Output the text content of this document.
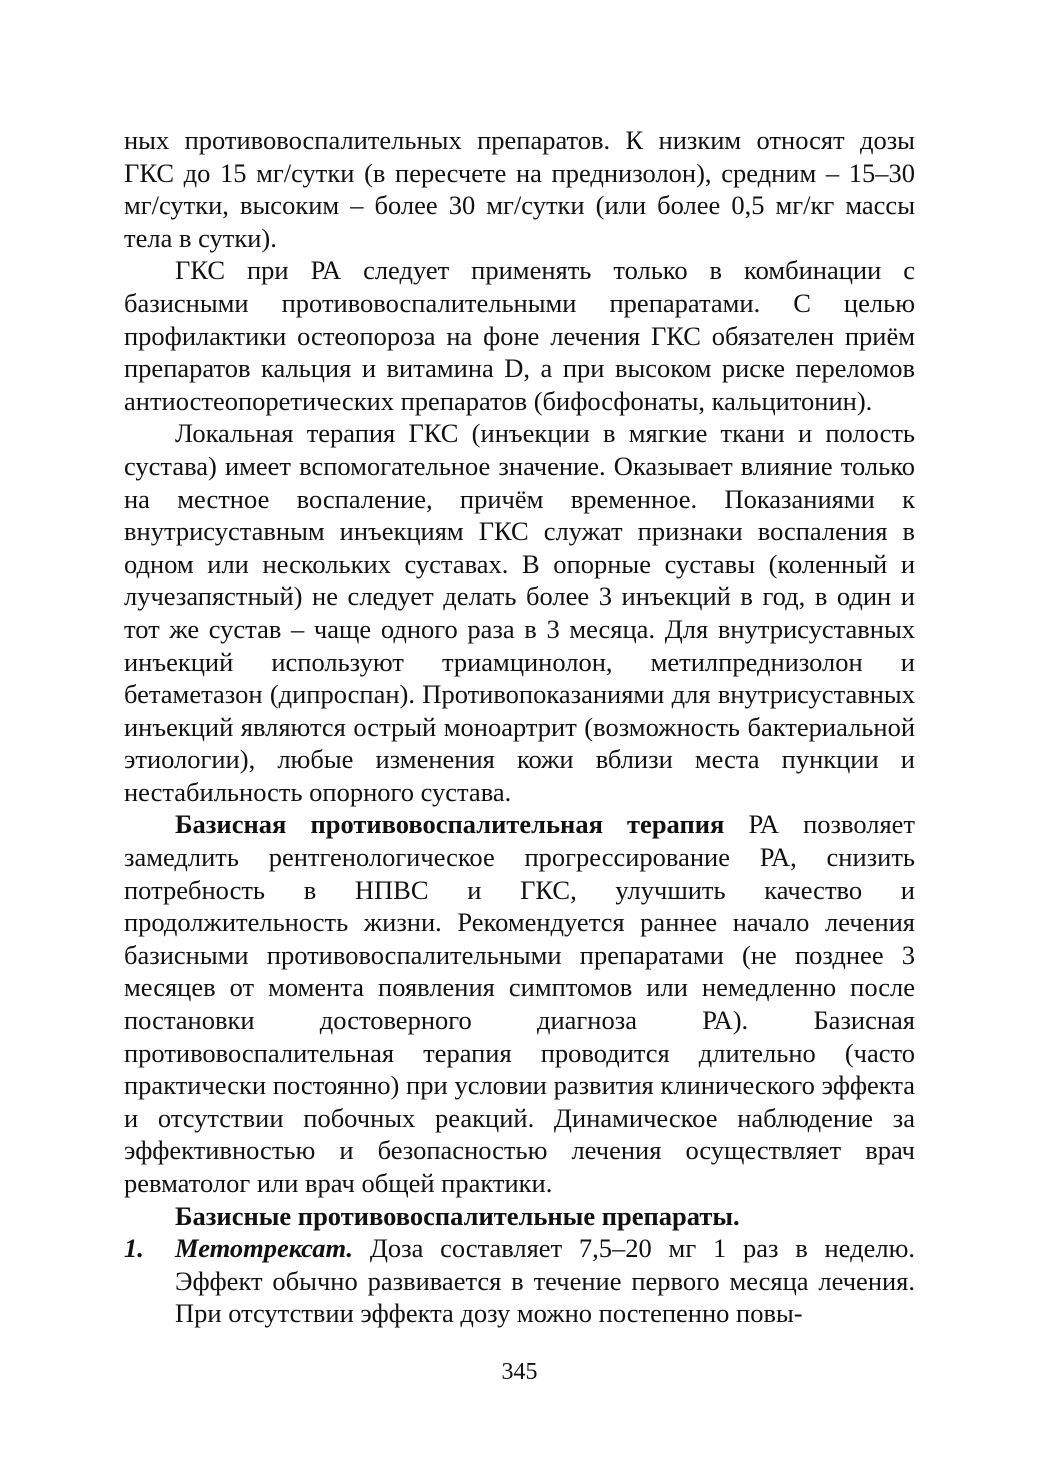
ных противовоспалительных препаратов. К низким относят дозы ГКС до 15 мг/сутки (в пересчете на преднизолон), средним – 15–30 мг/сутки, высоким – более 30 мг/сутки (или более 0,5 мг/кг массы тела в сутки).

ГКС при РА следует применять только в комбинации с базисными противовоспалительными препаратами. С целью профилактики остеопороза на фоне лечения ГКС обязателен приём препаратов кальция и витамина D, а при высоком риске переломов антиостеопоретических препаратов (бифосфонаты, кальцитонин).

Локальная терапия ГКС (инъекции в мягкие ткани и полость сустава) имеет вспомогательное значение. Оказывает влияние только на местное воспаление, причём временное. Показаниями к внутрисуставным инъекциям ГКС служат признаки воспаления в одном или нескольких суставах. В опорные суставы (коленный и лучезапястный) не следует делать более 3 инъекций в год, в один и тот же сустав – чаще одного раза в 3 месяца. Для внутрисуставных инъекций используют триамцинолон, метилпреднизолон и бетаметазон (дипроспан). Противопоказаниями для внутрисуставных инъекций являются острый моноартрит (возможность бактериальной этиологии), любые изменения кожи вблизи места пункции и нестабильность опорного сустава.

Базисная противовоспалительная терапия РА позволяет замедлить рентгенологическое прогрессирование РА, снизить потребность в НПВС и ГКС, улучшить качество и продолжительность жизни. Рекомендуется раннее начало лечения базисными противовоспалительными препаратами (не позднее 3 месяцев от момента появления симптомов или немедленно после постановки достоверного диагноза РА). Базисная противовоспалительная терапия проводится длительно (часто практически постоянно) при условии развития клинического эффекта и отсутствии побочных реакций. Динамическое наблюдение за эффективностью и безопасностью лечения осуществляет врач ревматолог или врач общей практики.

Базисные противовоспалительные препараты.

1. Метотрексат. Доза составляет 7,5–20 мг 1 раз в неделю. Эффект обычно развивается в течение первого месяца лечения. При отсутствии эффекта дозу можно постепенно повы-
345
